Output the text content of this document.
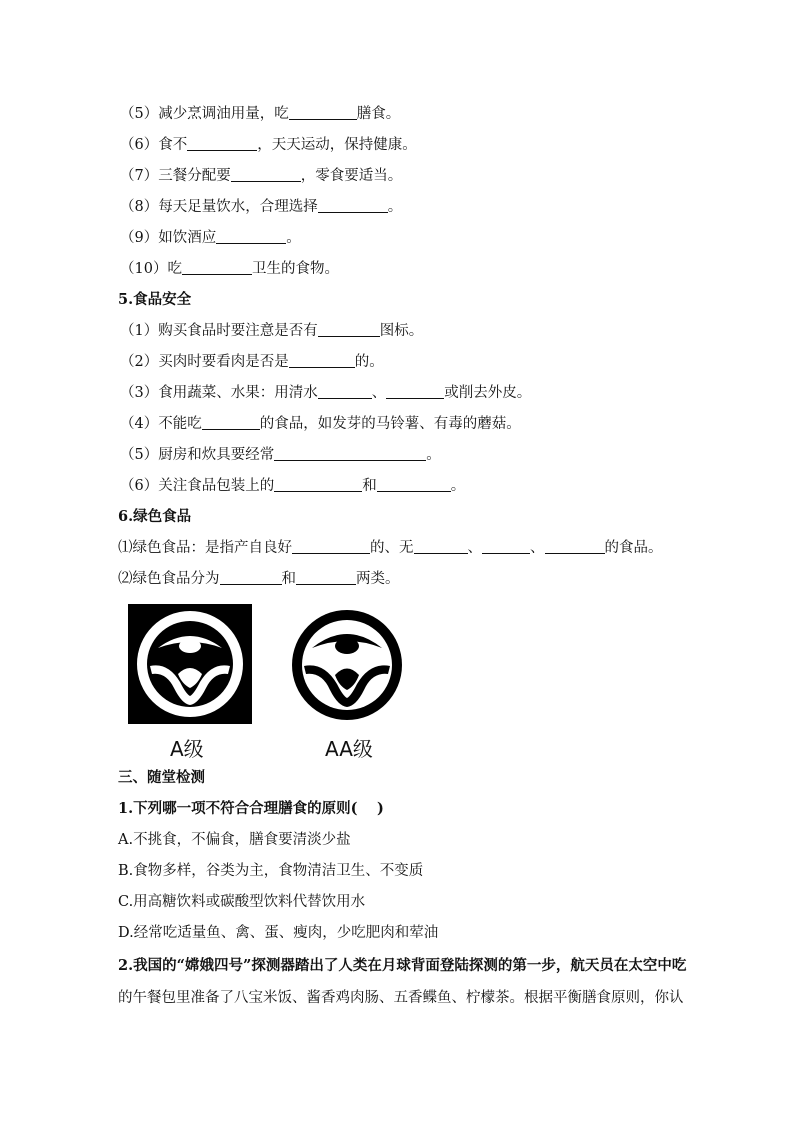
（5）减少烹调油用量，吃	膳食。
（6）食不	，天天运动，保持健康。
（7）三餐分配要	，零食要适当。
（8）每天足量饮水，合理选择	。
（9）如饮酒应	。
（10）吃	卫生的食物。
5.食品安全
（1）购买食品时要注意是否有	图标。
（2）买肉时要看肉是否是	的。
（3）食用蔬菜、水果：用清水	、	或削去外皮。
（4）不能吃	的食品，如发芽的马铃薯、有毒的蘑菇。
（5）厨房和炊具要经常	。
（6）关注食品包装上的	和	。
6.绿色食品
⑴绿色食品：是指产自良好	的、无	、	、	的食品。
⑵绿色食品分为	和	两类。
A级	AA级
三、随堂检测
1.下列哪一项不符合合理膳食的原则(　 )
A.不挑食，不偏食，膳食要清淡少盐
B.食物多样，谷类为主，食物清洁卫生、不变质
C.用高糖饮料或碳酸型饮料代替饮用水
D.经常吃适量鱼、禽、蛋、瘦肉，少吃肥肉和荤油
2.我国的“嫦娥四号”探测器踏出了人类在月球背面登陆探测的第一步，航天员在太空中吃
的午餐包里准备了八宝米饭、酱香鸡肉肠、五香鲽鱼、柠檬茶。根据平衡膳食原则，你认
